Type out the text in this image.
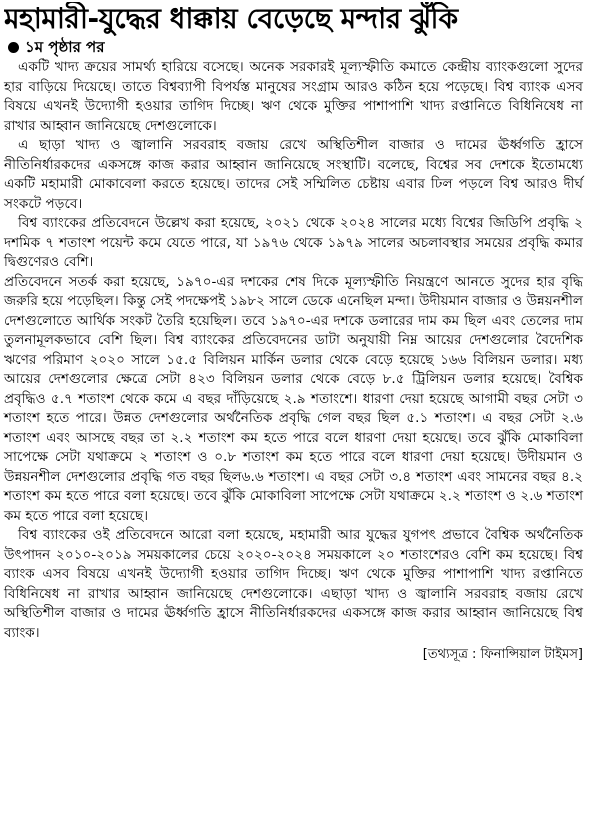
মহামারী-যুদ্ধের ধাক্কায় বেড়েছে মন্দার ঝুঁকি
১ম পৃষ্ঠার পর

একটি খাদ্য ক্রয়ের সামর্থ্য হারিয়ে বসেছে। অনেক সরকারই মূল্যস্ফীতি কমাতে কেন্দ্রীয় ব্যাংকগুলো সুদের হার বাড়িয়ে দিয়েছে। তাতে বিশ্বব্যাপী বিপর্যস্ত মানুষের সংগ্রাম আরও কঠিন হয়ে পড়েছে। বিশ্ব ব্যাংক এসব বিষয়ে এখনই উদ্যোগী হওয়ার তাগিদ দিচ্ছে। ঋণ থেকে মুক্তির পাশাপাশি খাদ্য রপ্তানিতে বিধিনিষেধ না রাখার আহ্বান জানিয়েছে দেশগুলোকে।

এ ছাড়া খাদ্য ও জ্বালানি সরবরাহ বজায় রেখে অস্থিতিশীল বাজার ও দামের ঊর্ধ্বগতি হ্রাসে নীতিনির্ধারকদের একসঙ্গে কাজ করার আহ্বান জানিয়েছে সংস্থাটি। বলেছে, বিশ্বের সব দেশকে ইতোমধ্যে একটি মহামারী মোকাবেলা করতে হয়েছে। তাদের সেই সম্মিলিত চেষ্টায় এবার ঢিল পড়লে বিশ্ব আরও দীর্ঘ সংকটে পড়বে।

বিশ্ব ব্যাংকের প্রতিবেদনে উল্লেখ করা হয়েছে, ২০২১ থেকে ২০২৪ সালের মধ্যে বিশ্বের জিডিপি প্রবৃদ্ধি ২ দশমিক ৭ শতাংশ পয়েন্ট কমে যেতে পারে, যা ১৯৭৬ থেকে ১৯৭৯ সালের অচলাবস্থার সময়ের প্রবৃদ্ধি কমার দ্বিগুণেরও বেশি।

প্রতিবেদনে সতর্ক করা হয়েছে, ১৯৭০-এর দশকের শেষ দিকে মূল্যস্ফীতি নিয়ন্ত্রণে আনতে সুদের হার বৃদ্ধি জরুরি হয়ে পড়েছিল। কিন্তু সেই পদক্ষেপই ১৯৮২ সালে ডেকে এনেছিল মন্দা। উদীয়মান বাজার ও উন্নয়নশীল দেশগুলোতে আর্থিক সংকট তৈরি হয়েছিল। তবে ১৯৭০-এর দশকে ডলারের দাম কম ছিল এবং তেলের দাম তুলনামূলকভাবে বেশি ছিল। বিশ্ব ব্যাংকের প্রতিবেদনের ডাটা অনুযায়ী নিম্ন আয়ের দেশগুলোর বৈদেশিক ঋণের পরিমাণ ২০২০ সালে ১৫.৫ বিলিয়ন মার্কিন ডলার থেকে বেড়ে হয়েছে ১৬৬ বিলিয়ন ডলার। মধ্য আয়ের দেশগুলোর ক্ষেত্রে সেটা ৪২৩ বিলিয়ন ডলার থেকে বেড়ে ৮.৫ ট্রিলিয়ন ডলার হয়েছে। বৈশ্বিক প্রবৃদ্ধিও ৫.৭ শতাংশ থেকে কমে এ বছর দাঁড়িয়েছে ২.৯ শতাংশে। ধারণা দেয়া হয়েছে আগামী বছর সেটা ৩ শতাংশ হতে পারে। উন্নত দেশগুলোর অর্থনৈতিক প্রবৃদ্ধি গেল বছর ছিল ৫.১ শতাংশ। এ বছর সেটা ২.৬ শতাংশ এবং আসছে বছর তা ২.২ শতাংশ কম হতে পারে বলে ধারণা দেয়া হয়েছে। তবে ঝুঁকি মোকাবিলা সাপেক্ষে সেটা যথাক্রমে ২ শতাংশ ও ০.৮ শতাংশ কম হতে পারে বলে ধারণা দেয়া হয়েছে। উদীয়মান ও উন্নয়নশীল দেশগুলোর প্রবৃদ্ধি গত বছর ছিল৬.৬ শতাংশ। এ বছর সেটা ৩.৪ শতাংশ এবং সামনের বছর ৪.২ শতাংশ কম হতে পারে বলা হয়েছে। তবে ঝুঁকি মোকাবিলা সাপেক্ষে সেটা যথাক্রমে ২.২ শতাংশ ও ২.৬ শতাংশ কম হতে পারে বলা হয়েছে।

বিশ্ব ব্যাংকের ওই প্রতিবেদনে আরো বলা হয়েছে, মহামারী আর যুদ্ধের যুগপৎ প্রভাবে বৈশ্বিক অর্থনৈতিক উৎপাদন ২০১০-২০১৯ সময়কালের চেয়ে ২০২০-২০২৪ সময়কালে ২০ শতাংশেরও বেশি কম হয়েছে। বিশ্ব ব্যাংক এসব বিষয়ে এখনই উদ্যোগী হওয়ার তাগিদ দিচ্ছে। ঋণ থেকে মুক্তির পাশাপাশি খাদ্য রপ্তানিতে বিধিনিষেধ না রাখার আহ্বান জানিয়েছে দেশগুলোকে। এছাড়া খাদ্য ও জ্বালানি সরবরাহ বজায় রেখে অস্থিতিশীল বাজার ও দামের ঊর্ধ্বগতি হ্রাসে নীতিনির্ধারকদের একসঙ্গে কাজ করার আহ্বান জানিয়েছে বিশ্ব ব্যাংক।

[তথ্যসূত্র : ফিনান্সিয়াল টাইমস]
